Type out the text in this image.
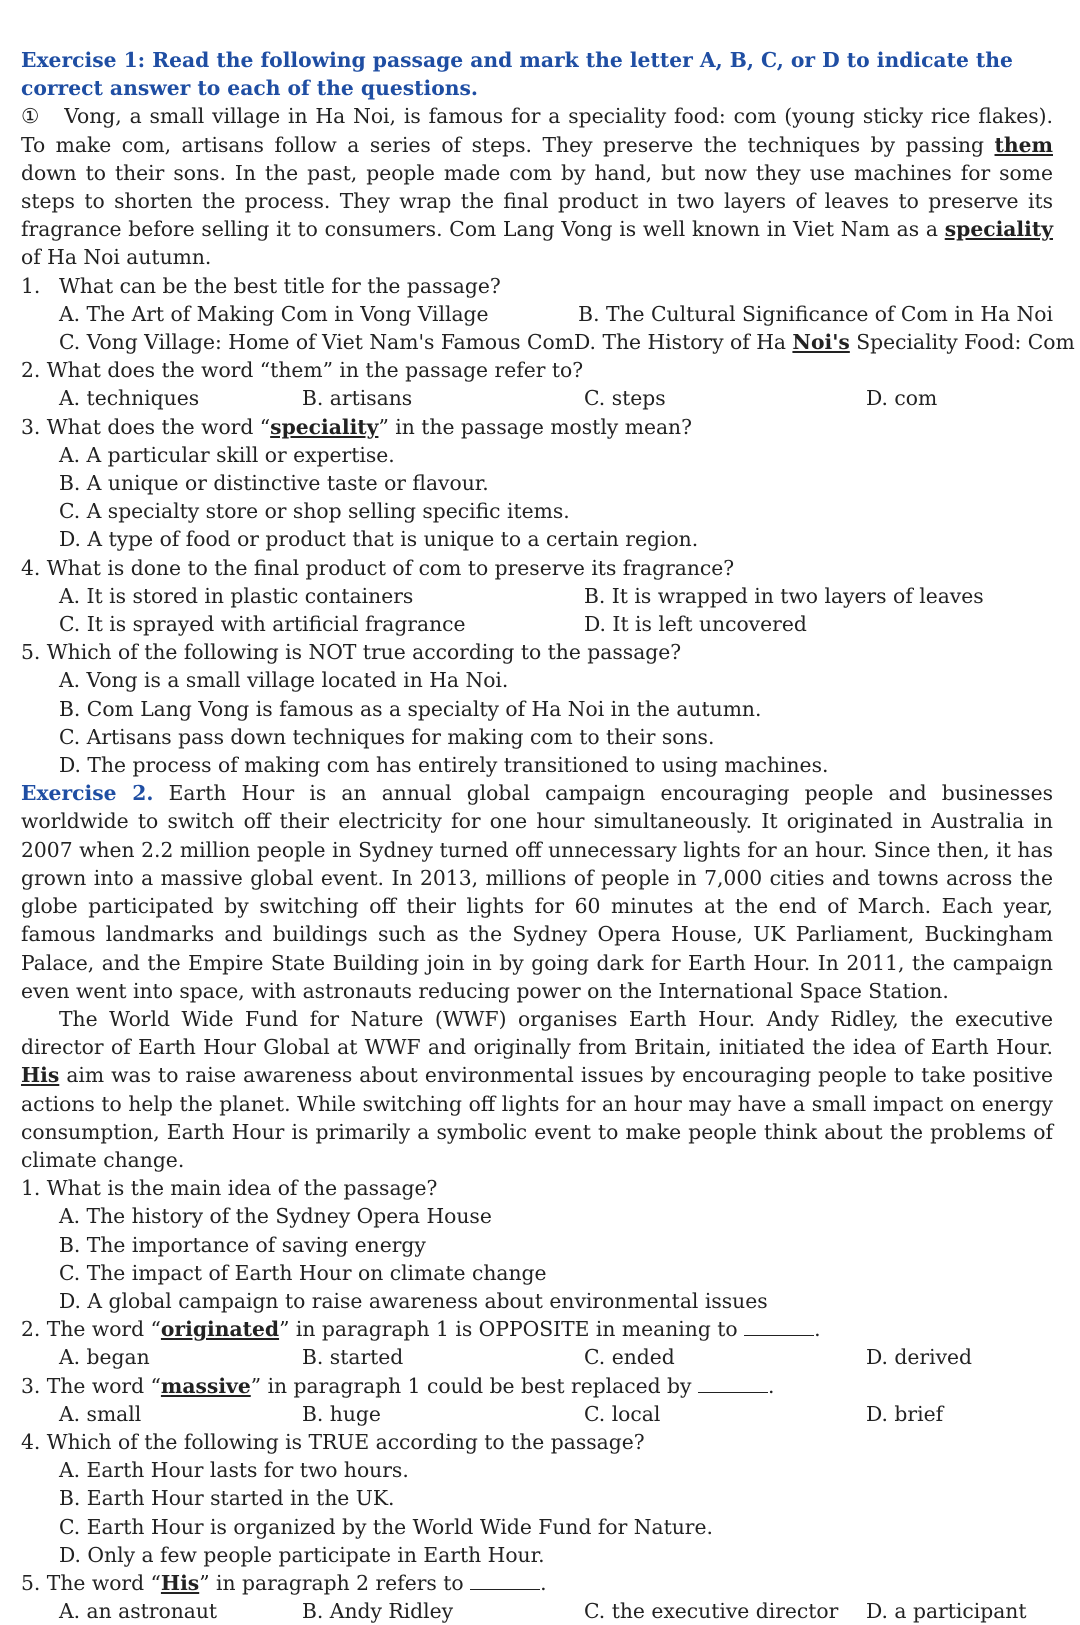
Exercise 1: Read the following passage and mark the letter A, B, C, or D to indicate the correct answer to each of the questions.

① Vong, a small village in Ha Noi, is famous for a speciality food: com (young sticky rice flakes). To make com, artisans follow a series of steps. They preserve the techniques by passing them down to their sons. In the past, people made com by hand, but now they use machines for some steps to shorten the process. They wrap the final product in two layers of leaves to preserve its fragrance before selling it to consumers. Com Lang Vong is well known in Viet Nam as a speciality of Ha Noi autumn.

1. What can be the best title for the passage?

A. The Art of Making Com in Vong Village	B. The Cultural Significance of Com in Ha Noi
C. Vong Village: Home of Viet Nam's Famous Com D. The History of Ha Noi's Speciality Food: Com

2. What does the word “them” in the passage refer to?

A. techniques	B. artisans	C. steps	D. com

3. What does the word “speciality” in the passage mostly mean?

A. A particular skill or expertise.

B. A unique or distinctive taste or flavour.

C. A specialty store or shop selling specific items.

D. A type of food or product that is unique to a certain region.

4. What is done to the final product of com to preserve its fragrance?

A. It is stored in plastic containers	B. It is wrapped in two layers of leaves
C. It is sprayed with artificial fragrance	D. It is left uncovered

5. Which of the following is NOT true according to the passage?

A. Vong is a small village located in Ha Noi.

B. Com Lang Vong is famous as a specialty of Ha Noi in the autumn.

C. Artisans pass down techniques for making com to their sons.

D. The process of making com has entirely transitioned to using machines.

Exercise 2. Earth Hour is an annual global campaign encouraging people and businesses worldwide to switch off their electricity for one hour simultaneously. It originated in Australia in 2007 when 2.2 million people in Sydney turned off unnecessary lights for an hour. Since then, it has grown into a massive global event. In 2013, millions of people in 7,000 cities and towns across the globe participated by switching off their lights for 60 minutes at the end of March. Each year, famous landmarks and buildings such as the Sydney Opera House, UK Parliament, Buckingham Palace, and the Empire State Building join in by going dark for Earth Hour. In 2011, the campaign even went into space, with astronauts reducing power on the International Space Station.

The World Wide Fund for Nature (WWF) organises Earth Hour. Andy Ridley, the executive director of Earth Hour Global at WWF and originally from Britain, initiated the idea of Earth Hour. His aim was to raise awareness about environmental issues by encouraging people to take positive actions to help the planet. While switching off lights for an hour may have a small impact on energy consumption, Earth Hour is primarily a symbolic event to make people think about the problems of climate change.

1. What is the main idea of the passage?

A. The history of the Sydney Opera House

B. The importance of saving energy

C. The impact of Earth Hour on climate change

D. A global campaign to raise awareness about environmental issues

2. The word “originated” in paragraph 1 is OPPOSITE in meaning to	.

A. began	B. started	C. ended	D. derived

3. The word “massive” in paragraph 1 could be best replaced by	.

A. small	B. huge	C. local	D. brief

4. Which of the following is TRUE according to the passage?

A. Earth Hour lasts for two hours.

B. Earth Hour started in the UK.

C. Earth Hour is organized by the World Wide Fund for Nature.

D. Only a few people participate in Earth Hour.

5. The word “His” in paragraph 2 refers to	.

A. an astronaut	B. Andy Ridley	C. the executive director	D. a participant
